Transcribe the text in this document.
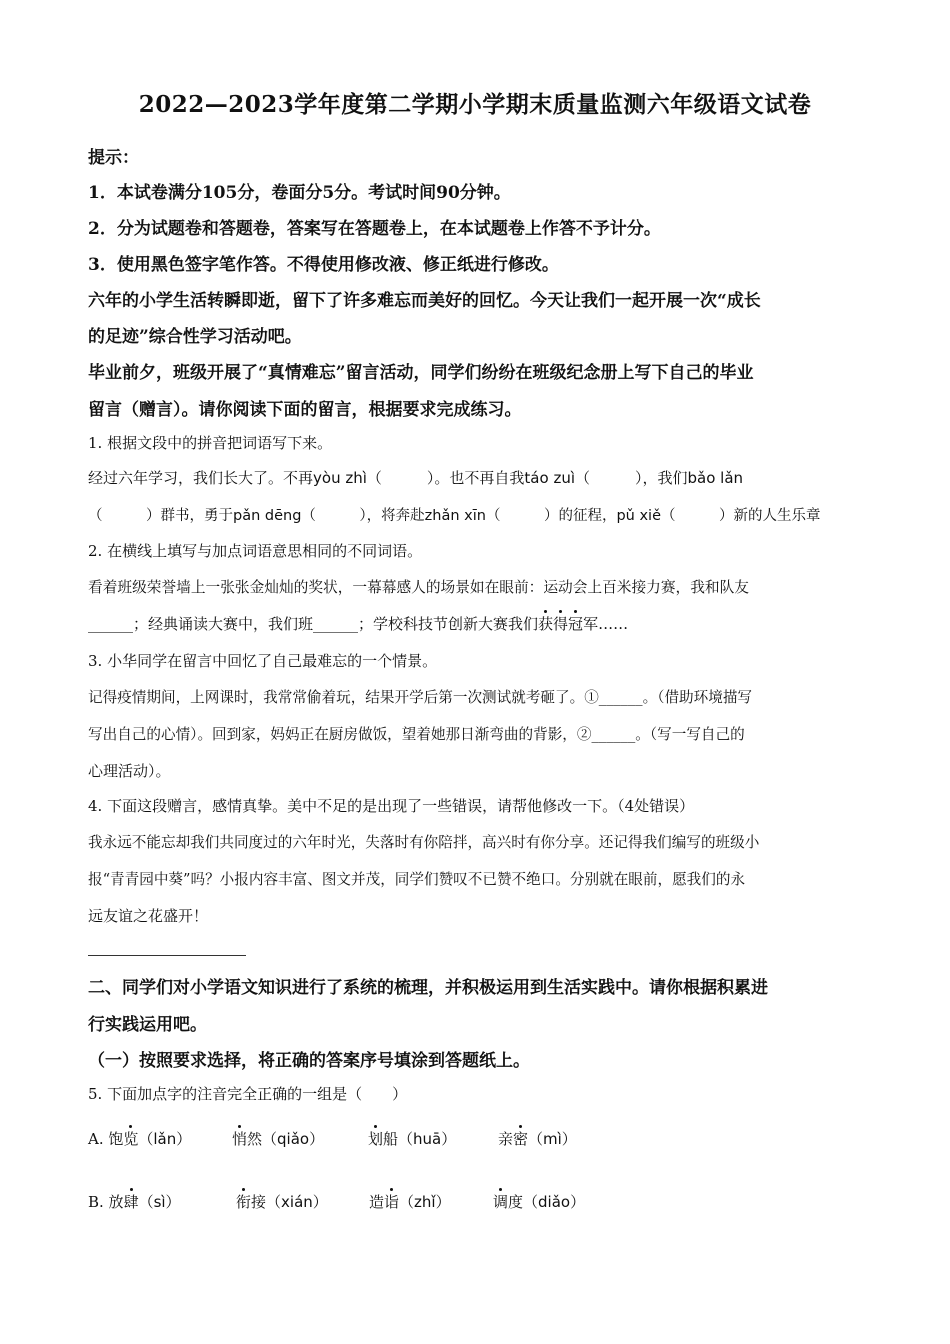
2022—2023学年度第二学期小学期末质量监测六年级语文试卷
提示：
1．本试卷满分105分，卷面分5分。考试时间90分钟。
2．分为试题卷和答题卷，答案写在答题卷上，在本试题卷上作答不予计分。
3．使用黑色签字笔作答。不得使用修改液、修正纸进行修改。
六年的小学生活转瞬即逝，留下了许多难忘而美好的回忆。今天让我们一起开展一次“成长
的足迹”综合性学习活动吧。
毕业前夕，班级开展了“真情难忘”留言活动，同学们纷纷在班级纪念册上写下自己的毕业
留言（赠言）。请你阅读下面的留言，根据要求完成练习。
1. 根据文段中的拼音把词语写下来。
经过六年学习，我们长大了。不再yòu zhì（　　　）。也不再自我táo zuì（　　　），我们bǎo lǎn
（　　　）群书，勇于pǎn dēng（　　　），将奔赴zhǎn xīn（　　　）的征程，pǔ xiě（　　　）新的人生乐章
2. 在横线上填写与加点词语意思相同的不同词语。
看着班级荣誉墙上一张张金灿灿的奖状，一幕幕感人的场景如在眼前：运动会上百米接力赛，我和队友
______；经典诵读大赛中，我们班______；学校科技节创新大赛我们获得冠军……
3. 小华同学在留言中回忆了自己最难忘的一个情景。
记得疫情期间，上网课时，我常常偷着玩，结果开学后第一次测试就考砸了。①______。（借助环境描写
写出自己的心情）。回到家，妈妈正在厨房做饭，望着她那日渐弯曲的背影，②______。（写一写自己的
心理活动）。
4. 下面这段赠言，感情真挚。美中不足的是出现了一些错误，请帮他修改一下。（4处错误）
我永远不能忘却我们共同度过的六年时光，失落时有你陪拌，高兴时有你分享。还记得我们编写的班级小
报“青青园中葵”吗？小报内容丰富、图文并茂，同学们赞叹不已赞不绝口。分别就在眼前，愿我们的永
远友谊之花盛开！
二、同学们对小学语文知识进行了系统的梳理，并积极运用到生活实践中。请你根据积累进
行实践运用吧。
（一）按照要求选择，将正确的答案序号填涂到答题纸上。
5. 下面加点字的注音完全正确的一组是（　　）
A. 饱览（lǎn）	悄然（qiǎo）	划船（huā）	亲密（mì）
B. 放肆（sì）	衔接（xián）	造诣（zhǐ）	调度（diǎo）
